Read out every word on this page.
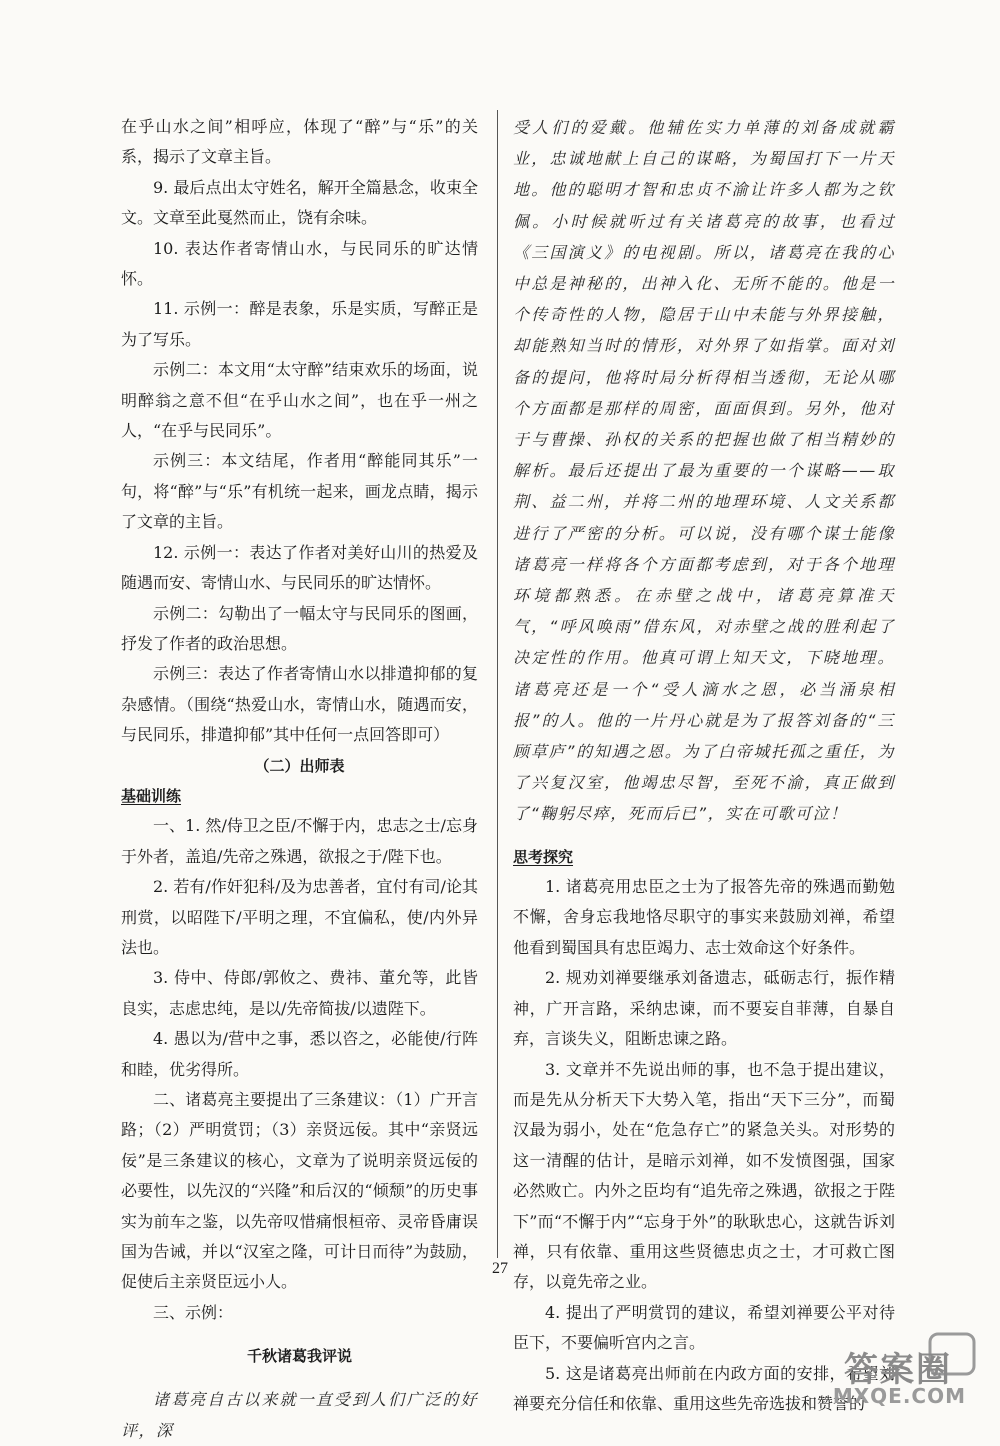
在乎山水之间”相呼应，体现了“醉”与“乐”的关系，揭示了文章主旨。

9. 最后点出太守姓名，解开全篇悬念，收束全文。文章至此戛然而止，饶有余味。

10. 表达作者寄情山水，与民同乐的旷达情怀。

11. 示例一：醉是表象，乐是实质，写醉正是为了写乐。

示例二：本文用“太守醉”结束欢乐的场面，说明醉翁之意不但“在乎山水之间”，也在乎一州之人，“在乎与民同乐”。

示例三：本文结尾，作者用“醉能同其乐”一句，将“醉”与“乐”有机统一起来，画龙点睛，揭示了文章的主旨。

12. 示例一：表达了作者对美好山川的热爱及随遇而安、寄情山水、与民同乐的旷达情怀。

示例二：勾勒出了一幅太守与民同乐的图画，抒发了作者的政治思想。

示例三：表达了作者寄情山水以排遣抑郁的复杂感情。（围绕“热爱山水，寄情山水，随遇而安，与民同乐，排遣抑郁”其中任何一点回答即可）

（二）出师表

基础训练

一、1. 然/侍卫之臣/不懈于内，忠志之士/忘身于外者，盖追/先帝之殊遇，欲报之于/陛下也。

2. 若有/作奸犯科/及为忠善者，宜付有司/论其刑赏，以昭陛下/平明之理，不宜偏私，使/内外异法也。

3. 侍中、侍郎/郭攸之、费祎、董允等，此皆良实，志虑忠纯，是以/先帝简拔/以遗陛下。

4. 愚以为/营中之事，悉以咨之，必能使/行阵和睦，优劣得所。

二、诸葛亮主要提出了三条建议：（1）广开言路；（2）严明赏罚；（3）亲贤远佞。其中“亲贤远佞”是三条建议的核心，文章为了说明亲贤远佞的必要性，以先汉的“兴隆”和后汉的“倾颓”的历史事实为前车之鉴，以先帝叹惜痛恨桓帝、灵帝昏庸误国为告诫，并以“汉室之隆，可计日而待”为鼓励，促使后主亲贤臣远小人。

三、示例：

千秋诸葛我评说

诸葛亮自古以来就一直受到人们广泛的好评，深

受人们的爱戴。他辅佐实力单薄的刘备成就霸业，忠诚地献上自己的谋略，为蜀国打下一片天地。他的聪明才智和忠贞不渝让许多人都为之钦佩。小时候就听过有关诸葛亮的故事，也看过《三国演义》的电视剧。所以，诸葛亮在我的心中总是神秘的，出神入化、无所不能的。他是一个传奇性的人物，隐居于山中未能与外界接触，却能熟知当时的情形，对外界了如指掌。面对刘备的提问，他将时局分析得相当透彻，无论从哪个方面都是那样的周密，面面俱到。另外，他对于与曹操、孙权的关系的把握也做了相当精妙的解析。最后还提出了最为重要的一个谋略——取荆、益二州，并将二州的地理环境、人文关系都进行了严密的分析。可以说，没有哪个谋士能像诸葛亮一样将各个方面都考虑到，对于各个地理环境都熟悉。在赤壁之战中，诸葛亮算准天气，“呼风唤雨”借东风，对赤壁之战的胜利起了决定性的作用。他真可谓上知天文，下晓地理。诸葛亮还是一个“受人滴水之恩，必当涌泉相报”的人。他的一片丹心就是为了报答刘备的“三顾草庐”的知遇之恩。为了白帝城托孤之重任，为了兴复汉室，他竭忠尽智，至死不渝，真正做到了“鞠躬尽瘁，死而后已”，实在可歌可泣！

思考探究

1. 诸葛亮用忠臣之士为了报答先帝的殊遇而勤勉不懈，舍身忘我地恪尽职守的事实来鼓励刘禅，希望他看到蜀国具有忠臣竭力、志士效命这个好条件。

2. 规劝刘禅要继承刘备遗志，砥砺志行，振作精神，广开言路，采纳忠谏，而不要妄自菲薄，自暴自弃，言谈失义，阻断忠谏之路。

3. 文章并不先说出师的事，也不急于提出建议，而是先从分析天下大势入笔，指出“天下三分”，而蜀汉最为弱小，处在“危急存亡”的紧急关头。对形势的这一清醒的估计，是暗示刘禅，如不发愤图强，国家必然败亡。内外之臣均有“追先帝之殊遇，欲报之于陛下”而“不懈于内”“忘身于外”的耿耿忠心，这就告诉刘禅，只有依靠、重用这些贤德忠贞之士，才可救亡图存，以竟先帝之业。

4. 提出了严明赏罚的建议，希望刘禅要公平对待臣下，不要偏听宫内之言。

5. 这是诸葛亮出师前在内政方面的安排，希望刘禅要充分信任和依靠、重用这些先帝选拔和赞誉的

27
答案圈
MXQE.COM
